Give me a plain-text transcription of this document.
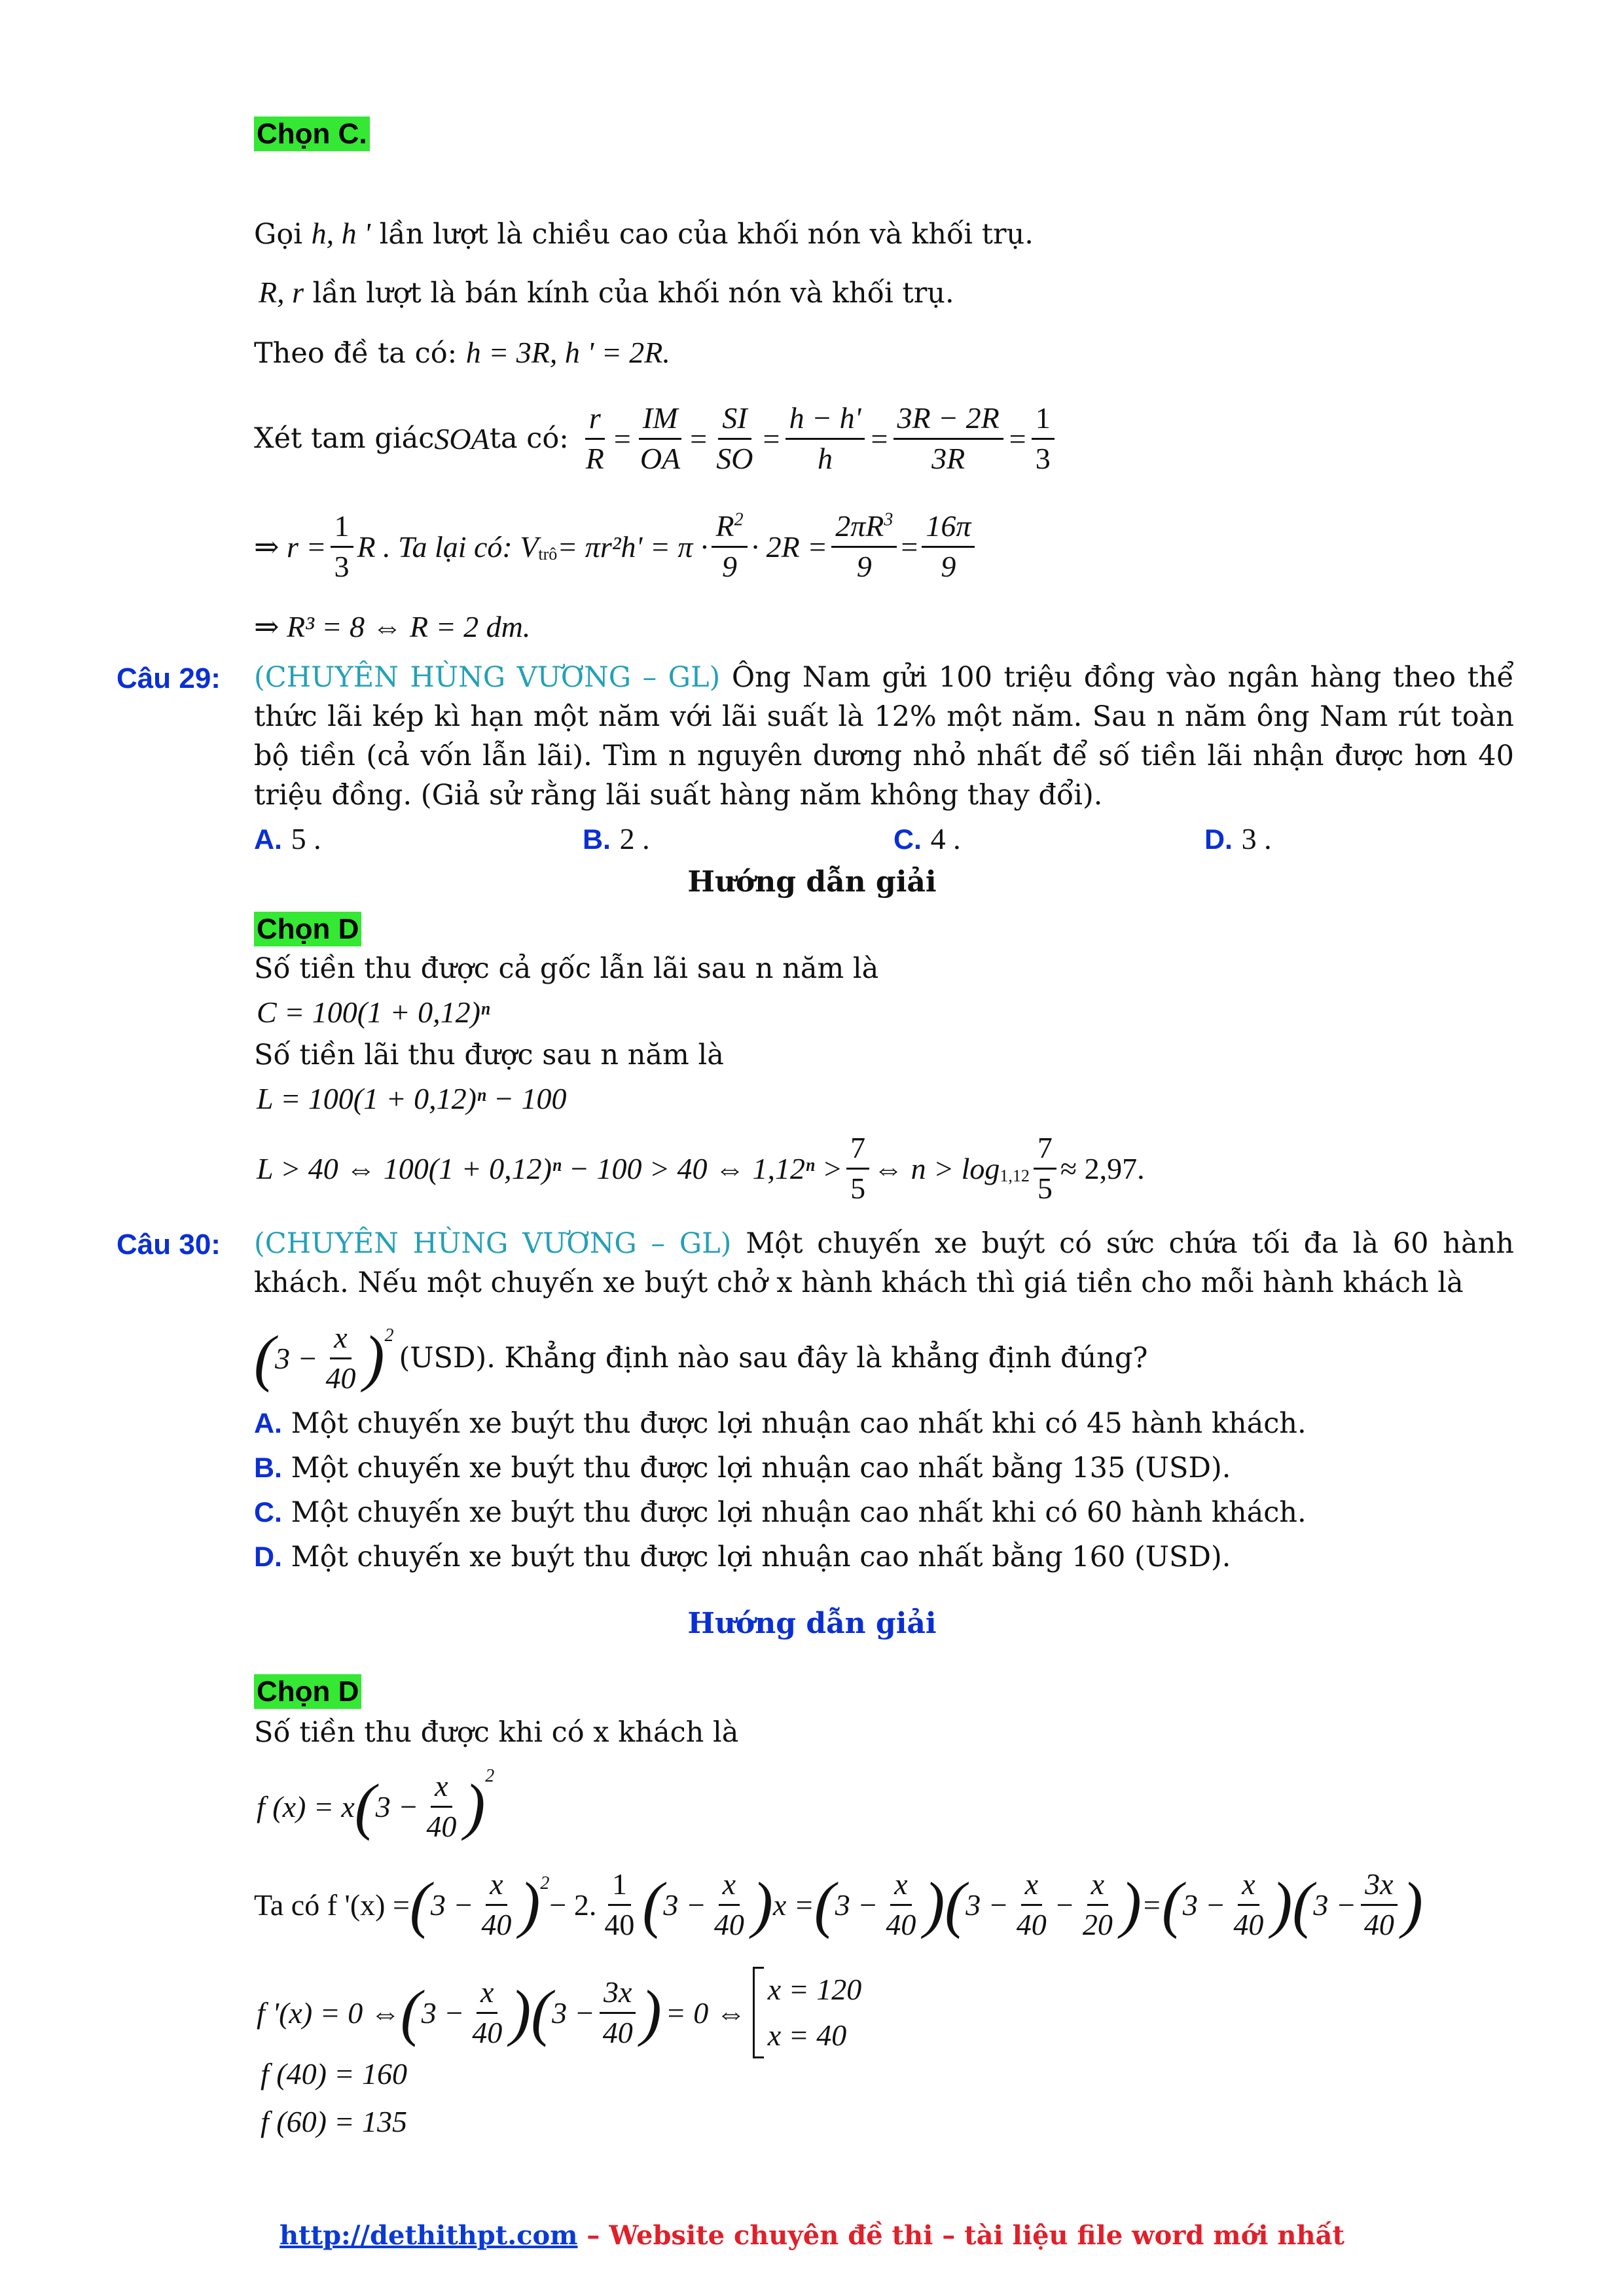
Chọn C.
Gọi h, h ' lần lượt là chiều cao của khối nón và khối trụ.
R, r lần lượt là bán kính của khối nón và khối trụ.
Theo đề ta có: h = 3R, h ' = 2R.
Xét tam giác SOA ta có: $\frac{r}{R} = \frac{IM}{OA} = \frac{SI}{SO} = \frac{h - h'}{h} = \frac{3R - 2R}{3R} = \frac{1}{3}$
⇒ $r = \frac{1}{3}$ R . Ta lại có: $V_{trô} = \pi r^2h' = \pi \cdot \frac{R^2}{9} \cdot 2R = \frac{2\pi R^3}{9} = \frac{16\pi}{9}$
⇒ R³ = 8 ⇔ R = 2 dm.
Câu 29: (CHUYÊN HÙNG VƯƠNG – GL) Ông Nam gửi 100 triệu đồng vào ngân hàng theo thể thức lãi kép kì hạn một năm với lãi suất là 12% một năm. Sau n năm ông Nam rút toàn bộ tiền (cả vốn lẫn lãi). Tìm n nguyên dương nhỏ nhất để số tiền lãi nhận được hơn 40 triệu đồng. (Giả sử rằng lãi suất hàng năm không thay đổi).
A. 5 .	B. 2 .	C. 4 .	D. 3 .
Hướng dẫn giải
Chọn D
Số tiền thu được cả gốc lẫn lãi sau n năm là
C = 100(1 + 0,12)ⁿ
Số tiền lãi thu được sau n năm là
L = 100(1 + 0,12)ⁿ − 100
L > 40 ⇔ 100(1 + 0,12)ⁿ − 100 > 40 ⇔ $1,12^n > \frac{7}{5}$ ⇔ $n > \log_{1,12} \frac{7}{5} \approx 2,97$.
Câu 30: (CHUYÊN HÙNG VƯƠNG – GL) Một chuyến xe buýt có sức chứa tối đa là 60 hành khách. Nếu một chuyến xe buýt chở x hành khách thì giá tiền cho mỗi hành khách là
( $3 - \frac{x}{40} )^2$
(USD). Khẳng định nào sau đây là khẳng định đúng?
A. Một chuyến xe buýt thu được lợi nhuận cao nhất khi có 45 hành khách.
B. Một chuyến xe buýt thu được lợi nhuận cao nhất bằng 135 (USD).
C. Một chuyến xe buýt thu được lợi nhuận cao nhất khi có 60 hành khách.
D. Một chuyến xe buýt thu được lợi nhuận cao nhất bằng 160 (USD).
Hướng dẫn giải
Chọn D
Số tiền thu được khi có x khách là
f (x) = x ( $3 - \frac{x}{40} )^2$
Ta có f '(x) = ( $3 - \frac{x}{40} )^2$
− 2. $\frac{1}{40}$ ( $3 - \frac{x}{40}$ ) x = ( $3 - \frac{x}{40}$ ) ( $3 - \frac{x}{40} - \frac{x}{20}$ ) = ( $3 - \frac{x}{40}$ ) ( $3 - \frac{3x}{40}$ )
f '(x) = 0 ⇔ ( $3 - \frac{x}{40}$ ) ( $3 - \frac{3x}{40}$ ) = 0 ⇔
x = 120
x = 40
f (40) = 160
f (60) = 135
http://dethithpt.com – Website chuyên đề thi – tài liệu file word mới nhất
